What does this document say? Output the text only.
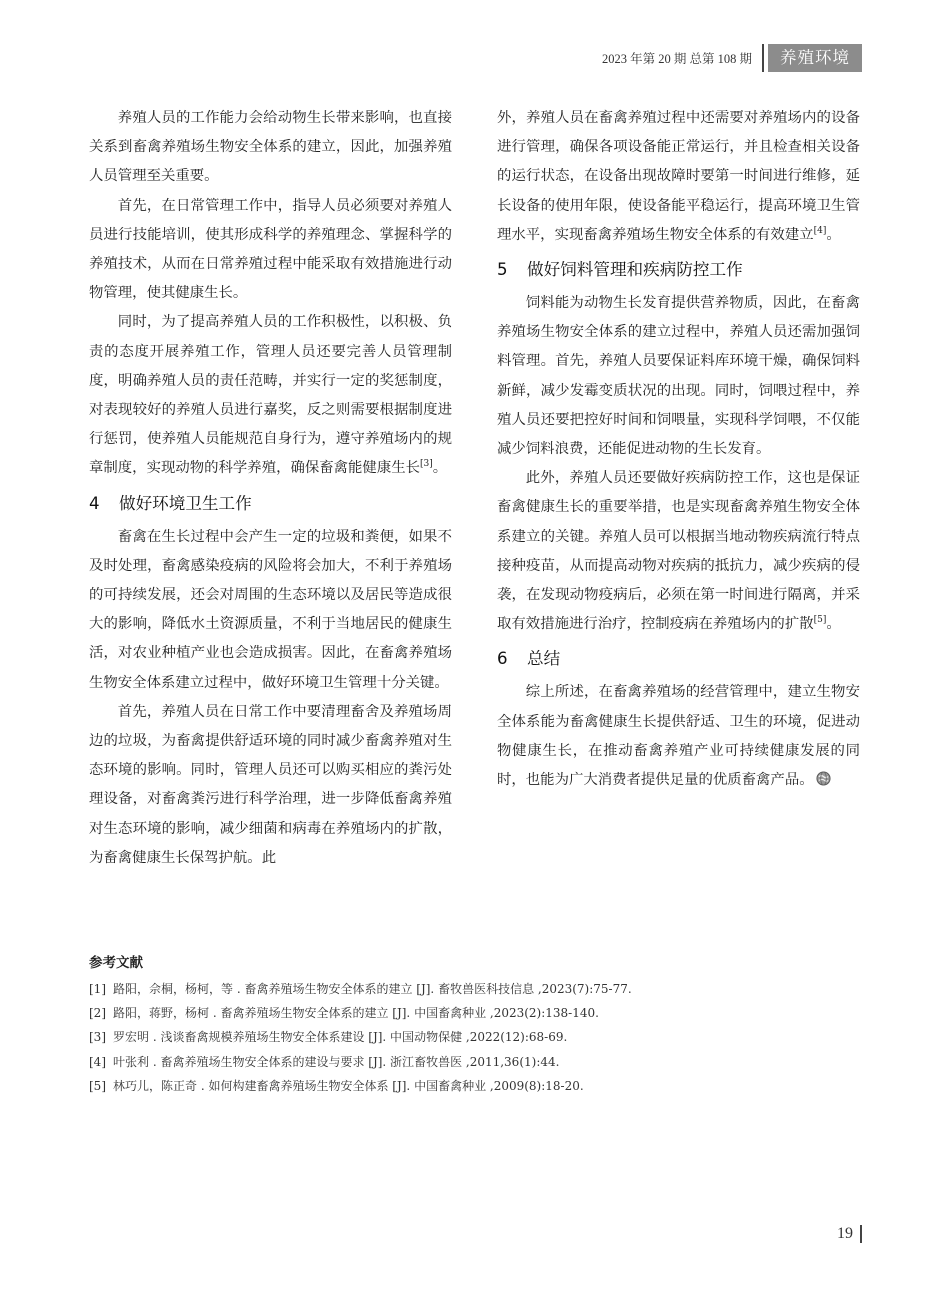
2023 年第 20 期 总第 108 期	养殖环境

养殖人员的工作能力会给动物生长带来影响，也直接关系到畜禽养殖场生物安全体系的建立，因此，加强养殖人员管理至关重要。

首先，在日常管理工作中，指导人员必须要对养殖人员进行技能培训，使其形成科学的养殖理念、掌握科学的养殖技术，从而在日常养殖过程中能采取有效措施进行动物管理，使其健康生长。

同时，为了提高养殖人员的工作积极性，以积极、负责的态度开展养殖工作，管理人员还要完善人员管理制度，明确养殖人员的责任范畴，并实行一定的奖惩制度，对表现较好的养殖人员进行嘉奖，反之则需要根据制度进行惩罚，使养殖人员能规范自身行为，遵守养殖场内的规章制度，实现动物的科学养殖，确保畜禽能健康生长[3]。

4 做好环境卫生工作

畜禽在生长过程中会产生一定的垃圾和粪便，如果不及时处理，畜禽感染疫病的风险将会加大，不利于养殖场的可持续发展，还会对周围的生态环境以及居民等造成很大的影响，降低水土资源质量，不利于当地居民的健康生活，对农业种植产业也会造成损害。因此，在畜禽养殖场生物安全体系建立过程中，做好环境卫生管理十分关键。

首先，养殖人员在日常工作中要清理畜舍及养殖场周边的垃圾，为畜禽提供舒适环境的同时减少畜禽养殖对生态环境的影响。同时，管理人员还可以购买相应的粪污处理设备，对畜禽粪污进行科学治理，进一步降低畜禽养殖对生态环境的影响，减少细菌和病毒在养殖场内的扩散，为畜禽健康生长保驾护航。此

外，养殖人员在畜禽养殖过程中还需要对养殖场内的设备进行管理，确保各项设备能正常运行，并且检查相关设备的运行状态，在设备出现故障时要第一时间进行维修，延长设备的使用年限，使设备能平稳运行，提高环境卫生管理水平，实现畜禽养殖场生物安全体系的有效建立[4]。

5 做好饲料管理和疾病防控工作

饲料能为动物生长发育提供营养物质，因此，在畜禽养殖场生物安全体系的建立过程中，养殖人员还需加强饲料管理。首先，养殖人员要保证料库环境干燥，确保饲料新鲜，减少发霉变质状况的出现。同时，饲喂过程中，养殖人员还要把控好时间和饲喂量，实现科学饲喂，不仅能减少饲料浪费，还能促进动物的生长发育。

此外，养殖人员还要做好疾病防控工作，这也是保证畜禽健康生长的重要举措，也是实现畜禽养殖生物安全体系建立的关键。养殖人员可以根据当地动物疾病流行特点接种疫苗，从而提高动物对疾病的抵抗力，减少疾病的侵袭，在发现动物疫病后，必须在第一时间进行隔离，并采取有效措施进行治疗，控制疫病在养殖场内的扩散[5]。

6 总结

综上所述，在畜禽养殖场的经营管理中，建立生物安全体系能为畜禽健康生长提供舒适、卫生的环境，促进动物健康生长，在推动畜禽养殖产业可持续健康发展的同时，也能为广大消费者提供足量的优质畜禽产品。

参考文献
[1] 路阳，佘桐，杨柯，等 . 畜禽养殖场生物安全体系的建立 [J]. 畜牧兽医科技信息 ,2023(7):75-77.
[2] 路阳，蒋野，杨柯 . 畜禽养殖场生物安全体系的建立 [J]. 中国畜禽种业 ,2023(2):138-140.
[3] 罗宏明 . 浅谈畜禽规模养殖场生物安全体系建设 [J]. 中国动物保健 ,2022(12):68-69.
[4] 叶张利 . 畜禽养殖场生物安全体系的建设与要求 [J]. 浙江畜牧兽医 ,2011,36(1):44.
[5] 林巧儿，陈正奇 . 如何构建畜禽养殖场生物安全体系 [J]. 中国畜禽种业 ,2009(8):18-20.
19
